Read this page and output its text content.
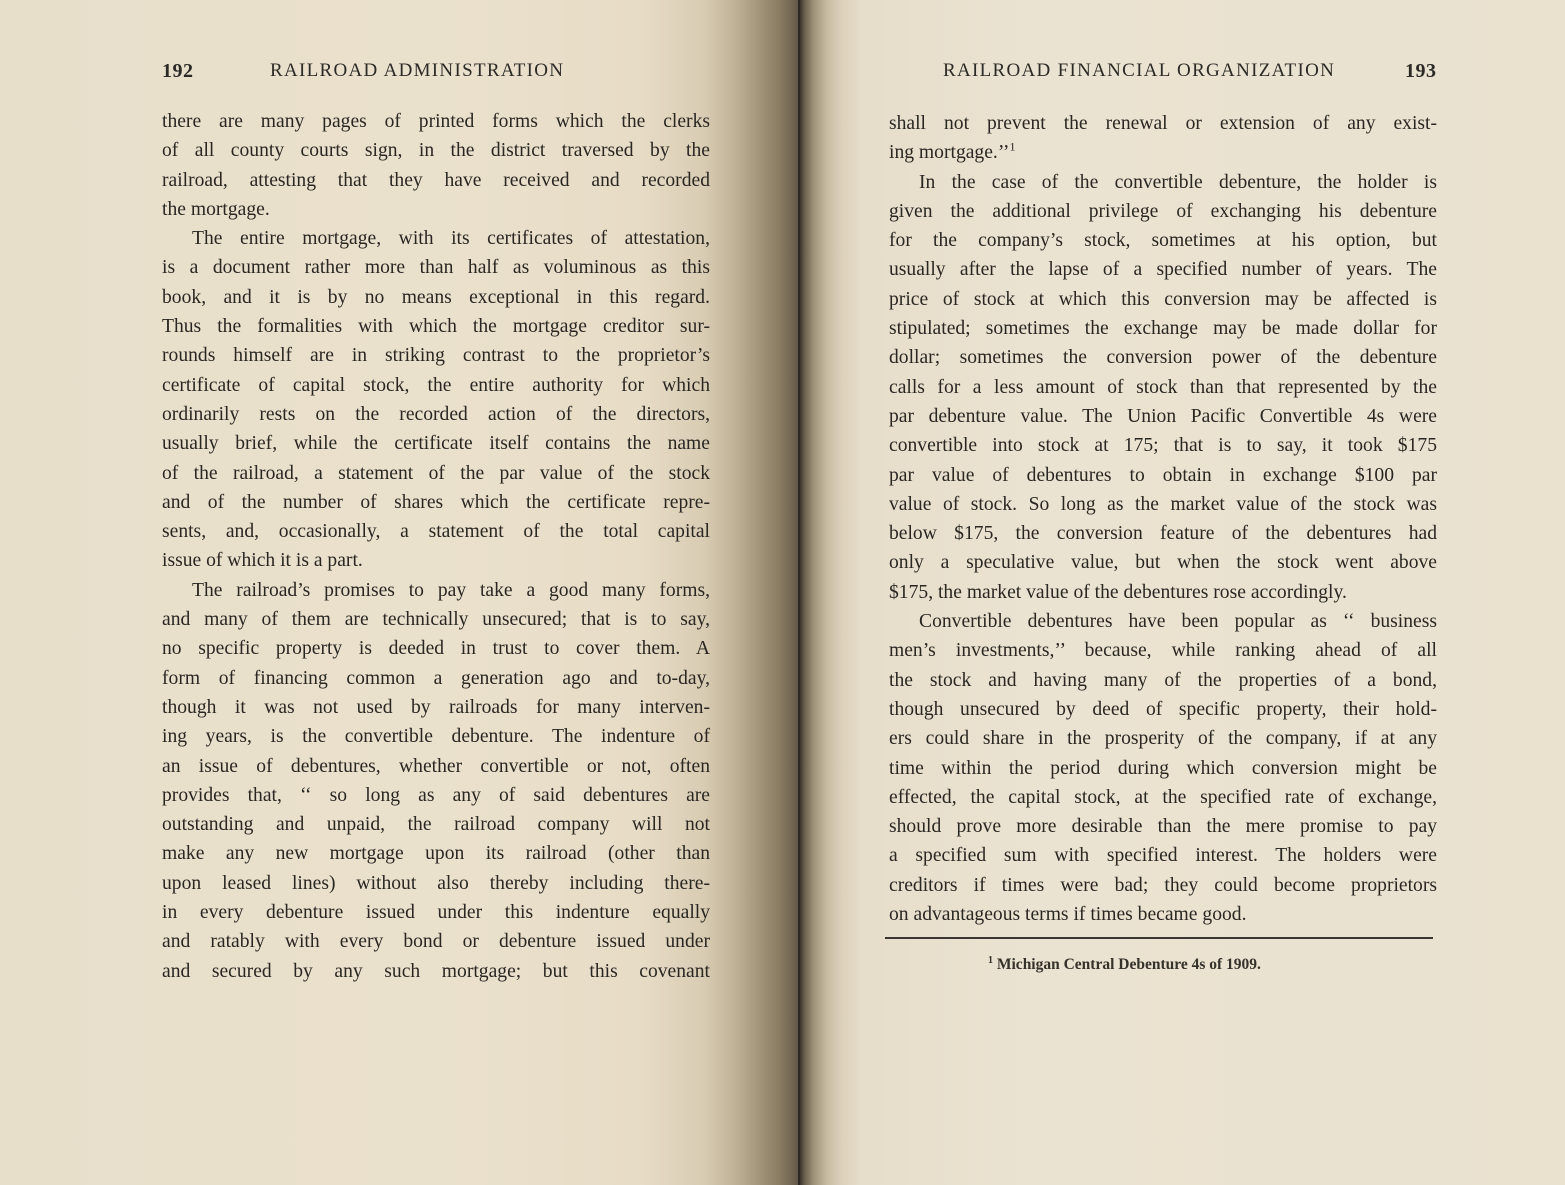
192	RAILROAD ADMINISTRATION
there are many pages of printed forms which the clerks
of all county courts sign, in the district traversed by the
railroad, attesting that they have received and recorded
the mortgage.
The entire mortgage, with its certificates of attestation,
is a document rather more than half as voluminous as this
book, and it is by no means exceptional in this regard.
Thus the formalities with which the mortgage creditor sur-
rounds himself are in striking contrast to the proprietor’s
certificate of capital stock, the entire authority for which
ordinarily rests on the recorded action of the directors,
usually brief, while the certificate itself contains the name
of the railroad, a statement of the par value of the stock
and of the number of shares which the certificate repre-
sents, and, occasionally, a statement of the total capital
issue of which it is a part.
The railroad’s promises to pay take a good many forms,
and many of them are technically unsecured; that is to say,
no specific property is deeded in trust to cover them. A
form of financing common a generation ago and to-day,
though it was not used by railroads for many interven-
ing years, is the convertible debenture. The indenture of
an issue of debentures, whether convertible or not, often
provides that, ‘‘ so long as any of said debentures are
outstanding and unpaid, the railroad company will not
make any new mortgage upon its railroad (other than
upon leased lines) without also thereby including there-
in every debenture issued under this indenture equally
and ratably with every bond or debenture issued under
and secured by any such mortgage; but this covenant
RAILROAD FINANCIAL ORGANIZATION	193
shall not prevent the renewal or extension of any exist-
ing mortgage.’’$^1$
In the case of the convertible debenture, the holder is
given the additional privilege of exchanging his debenture
for the company’s stock, sometimes at his option, but
usually after the lapse of a specified number of years. The
price of stock at which this conversion may be affected is
stipulated; sometimes the exchange may be made dollar for
dollar; sometimes the conversion power of the debenture
calls for a less amount of stock than that represented by the
par debenture value. The Union Pacific Convertible 4s were
convertible into stock at 175; that is to say, it took $175
par value of debentures to obtain in exchange $100 par
value of stock. So long as the market value of the stock was
below $175, the conversion feature of the debentures had
only a speculative value, but when the stock went above
$175, the market value of the debentures rose accordingly.
Convertible debentures have been popular as ‘‘ business
men’s investments,’’ because, while ranking ahead of all
the stock and having many of the properties of a bond,
though unsecured by deed of specific property, their hold-
ers could share in the prosperity of the company, if at any
time within the period during which conversion might be
effected, the capital stock, at the specified rate of exchange,
should prove more desirable than the mere promise to pay
a specified sum with specified interest. The holders were
creditors if times were bad; they could become proprietors
on advantageous terms if times became good.
$^1$ Michigan Central Debenture 4s of 1909.
